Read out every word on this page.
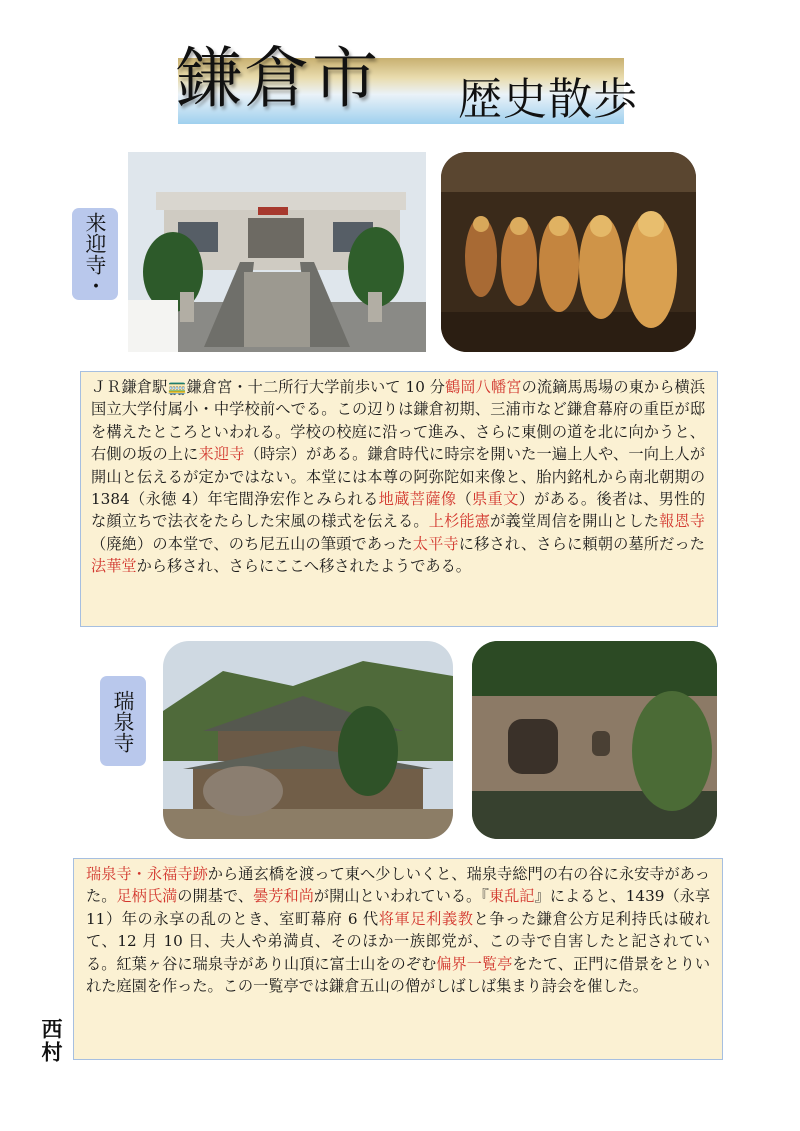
鎌倉市 歴史散歩
来迎寺・

ＪＲ鎌倉駅🚃鎌倉宮・十二所行大学前歩いて 10 分鶴岡八幡宮の流鏑馬馬場の東から横浜国立大学付属小・中学校前へでる。この辺りは鎌倉初期、三浦市など鎌倉幕府の重臣が邸を構えたところといわれる。学校の校庭に沿って進み、さらに東側の道を北に向かうと、右側の坂の上に来迎寺（時宗）がある。鎌倉時代に時宗を開いた一遍上人や、一向上人が開山と伝えるが定かではない。本堂には本尊の阿弥陀如来像と、胎内銘札から南北朝期の 1384（永徳 4）年宅間浄宏作とみられる地蔵菩薩像（県重文）がある。後者は、男性的な顔立ちで法衣をたらした宋風の様式を伝える。上杉能憲が義堂周信を開山とした報恩寺（廃絶）の本堂で、のち尼五山の筆頭であった太平寺に移され、さらに頼朝の墓所だった法華堂から移され、さらにここへ移されたようである。

瑞泉寺

瑞泉寺・永福寺跡から通玄橋を渡って東へ少しいくと、瑞泉寺総門の右の谷に永安寺があった。足柄氏満の開基で、曇芳和尚が開山といわれている。『東乱記』によると、1439（永享 11）年の永享の乱のとき、室町幕府 6 代将軍足利義教と争った鎌倉公方足利持氏は破れて、12 月 10 日、夫人や弟満貞、そのほか一族郎党が、この寺で自害したと記されている。紅葉ヶ谷に瑞泉寺があり山頂に富士山をのぞむ偏界一覧亭をたて、正門に借景をとりいれた庭園を作った。この一覧亭では鎌倉五山の僧がしばしば集まり詩会を催した。

西村
